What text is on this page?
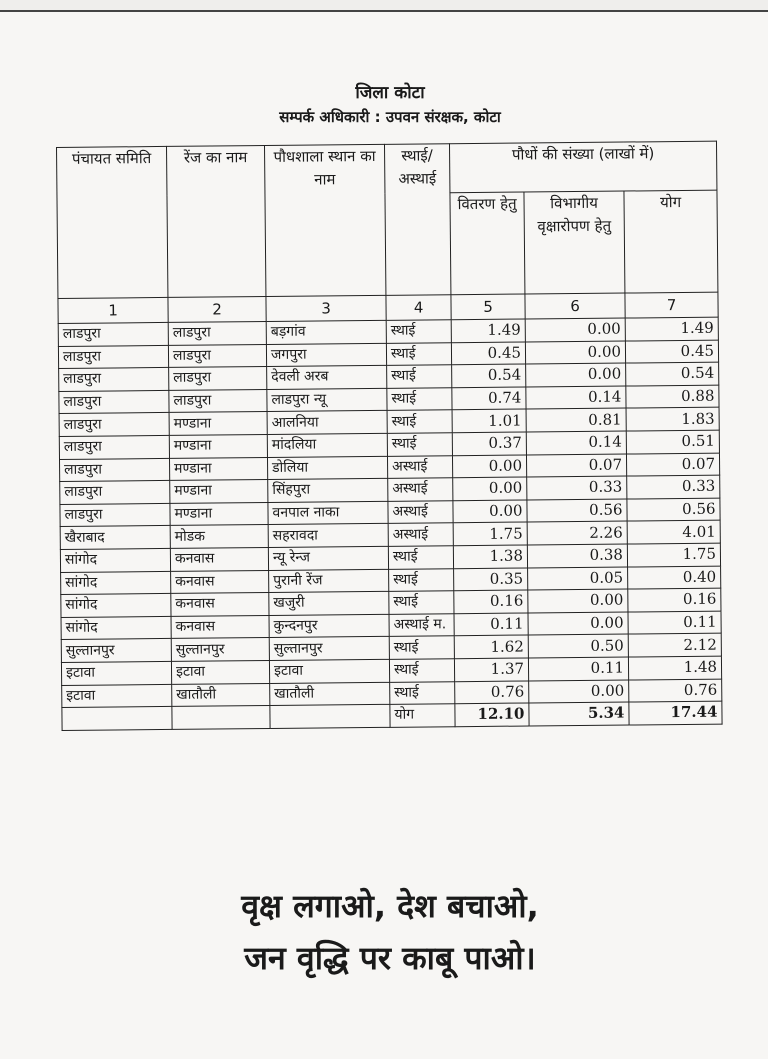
जिला कोटा
सम्पर्क अधिकारी : उपवन संरक्षक, कोटा
पंचायत समिति	रेंज का नाम	पौधशाला स्थान का नाम	स्थाई/ अस्थाई	पौधों की संख्या (लाखों में)		
				वितरण हेतु	विभागीय वृक्षारोपण हेतु	योग
1	2	3	4	5	6	7
लाडपुरा	लाडपुरा	बड़गांव	स्थाई	1.49	0.00	1.49
लाडपुरा	लाडपुरा	जगपुरा	स्थाई	0.45	0.00	0.45
लाडपुरा	लाडपुरा	देवली अरब	स्थाई	0.54	0.00	0.54
लाडपुरा	लाडपुरा	लाडपुरा न्यू	स्थाई	0.74	0.14	0.88
लाडपुरा	मण्डाना	आलनिया	स्थाई	1.01	0.81	1.83
लाडपुरा	मण्डाना	मांदलिया	स्थाई	0.37	0.14	0.51
लाडपुरा	मण्डाना	डोलिया	अस्थाई	0.00	0.07	0.07
लाडपुरा	मण्डाना	सिंहपुरा	अस्थाई	0.00	0.33	0.33
लाडपुरा	मण्डाना	वनपाल नाका	अस्थाई	0.00	0.56	0.56
खैराबाद	मोडक	सहरावदा	अस्थाई	1.75	2.26	4.01
सांगोद	कनवास	न्यू रेन्ज	स्थाई	1.38	0.38	1.75
सांगोद	कनवास	पुरानी रेंज	स्थाई	0.35	0.05	0.40
सांगोद	कनवास	खजुरी	स्थाई	0.16	0.00	0.16
सांगोद	कनवास	कुन्दनपुर	अस्थाई म.	0.11	0.00	0.11
सुल्तानपुर	सुल्तानपुर	सुल्तानपुर	स्थाई	1.62	0.50	2.12
इटावा	इटावा	इटावा	स्थाई	1.37	0.11	1.48
इटावा	खातौली	खातौली	स्थाई	0.76	0.00	0.76
			योग	12.10	5.34	17.44
वृक्ष लगाओ, देश बचाओ,
जन वृद्धि पर काबू पाओ।
